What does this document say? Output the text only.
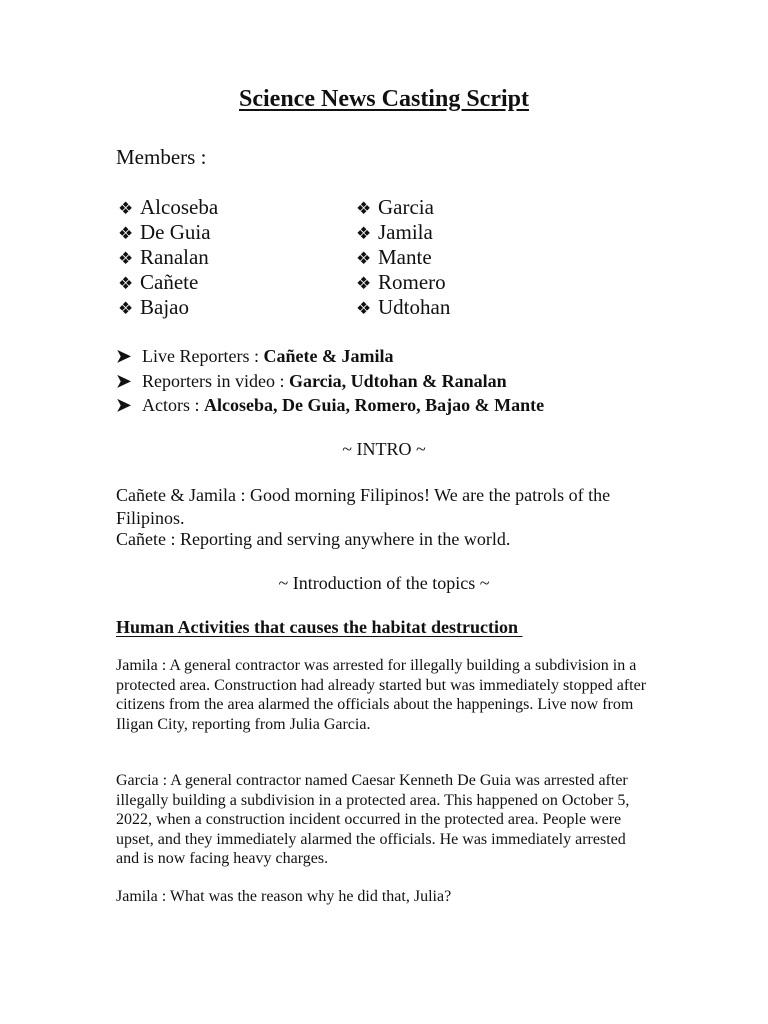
Science News Casting Script
Members :
❖ Alcoseba
❖ De Guia
❖ Ranalan
❖ Cañete
❖ Bajao
❖ Garcia
❖ Jamila
❖ Mante
❖ Romero
❖ Udtohan
➤ Live Reporters : Cañete & Jamila
➤ Reporters in video : Garcia, Udtohan & Ranalan
➤ Actors : Alcoseba, De Guia, Romero, Bajao & Mante
~ INTRO ~
Cañete & Jamila : Good morning Filipinos! We are the patrols of the Filipinos.
Cañete : Reporting and serving anywhere in the world.
~ Introduction of the topics ~
Human Activities that causes the habitat destruction
Jamila : A general contractor was arrested for illegally building a subdivision in a protected area. Construction had already started but was immediately stopped after citizens from the area alarmed the officials about the happenings. Live now from Iligan City, reporting from Julia Garcia.
Garcia : A general contractor named Caesar Kenneth De Guia was arrested after illegally building a subdivision in a protected area. This happened on October 5, 2022, when a construction incident occurred in the protected area. People were upset, and they immediately alarmed the officials. He was immediately arrested and is now facing heavy charges.
Jamila : What was the reason why he did that, Julia?
